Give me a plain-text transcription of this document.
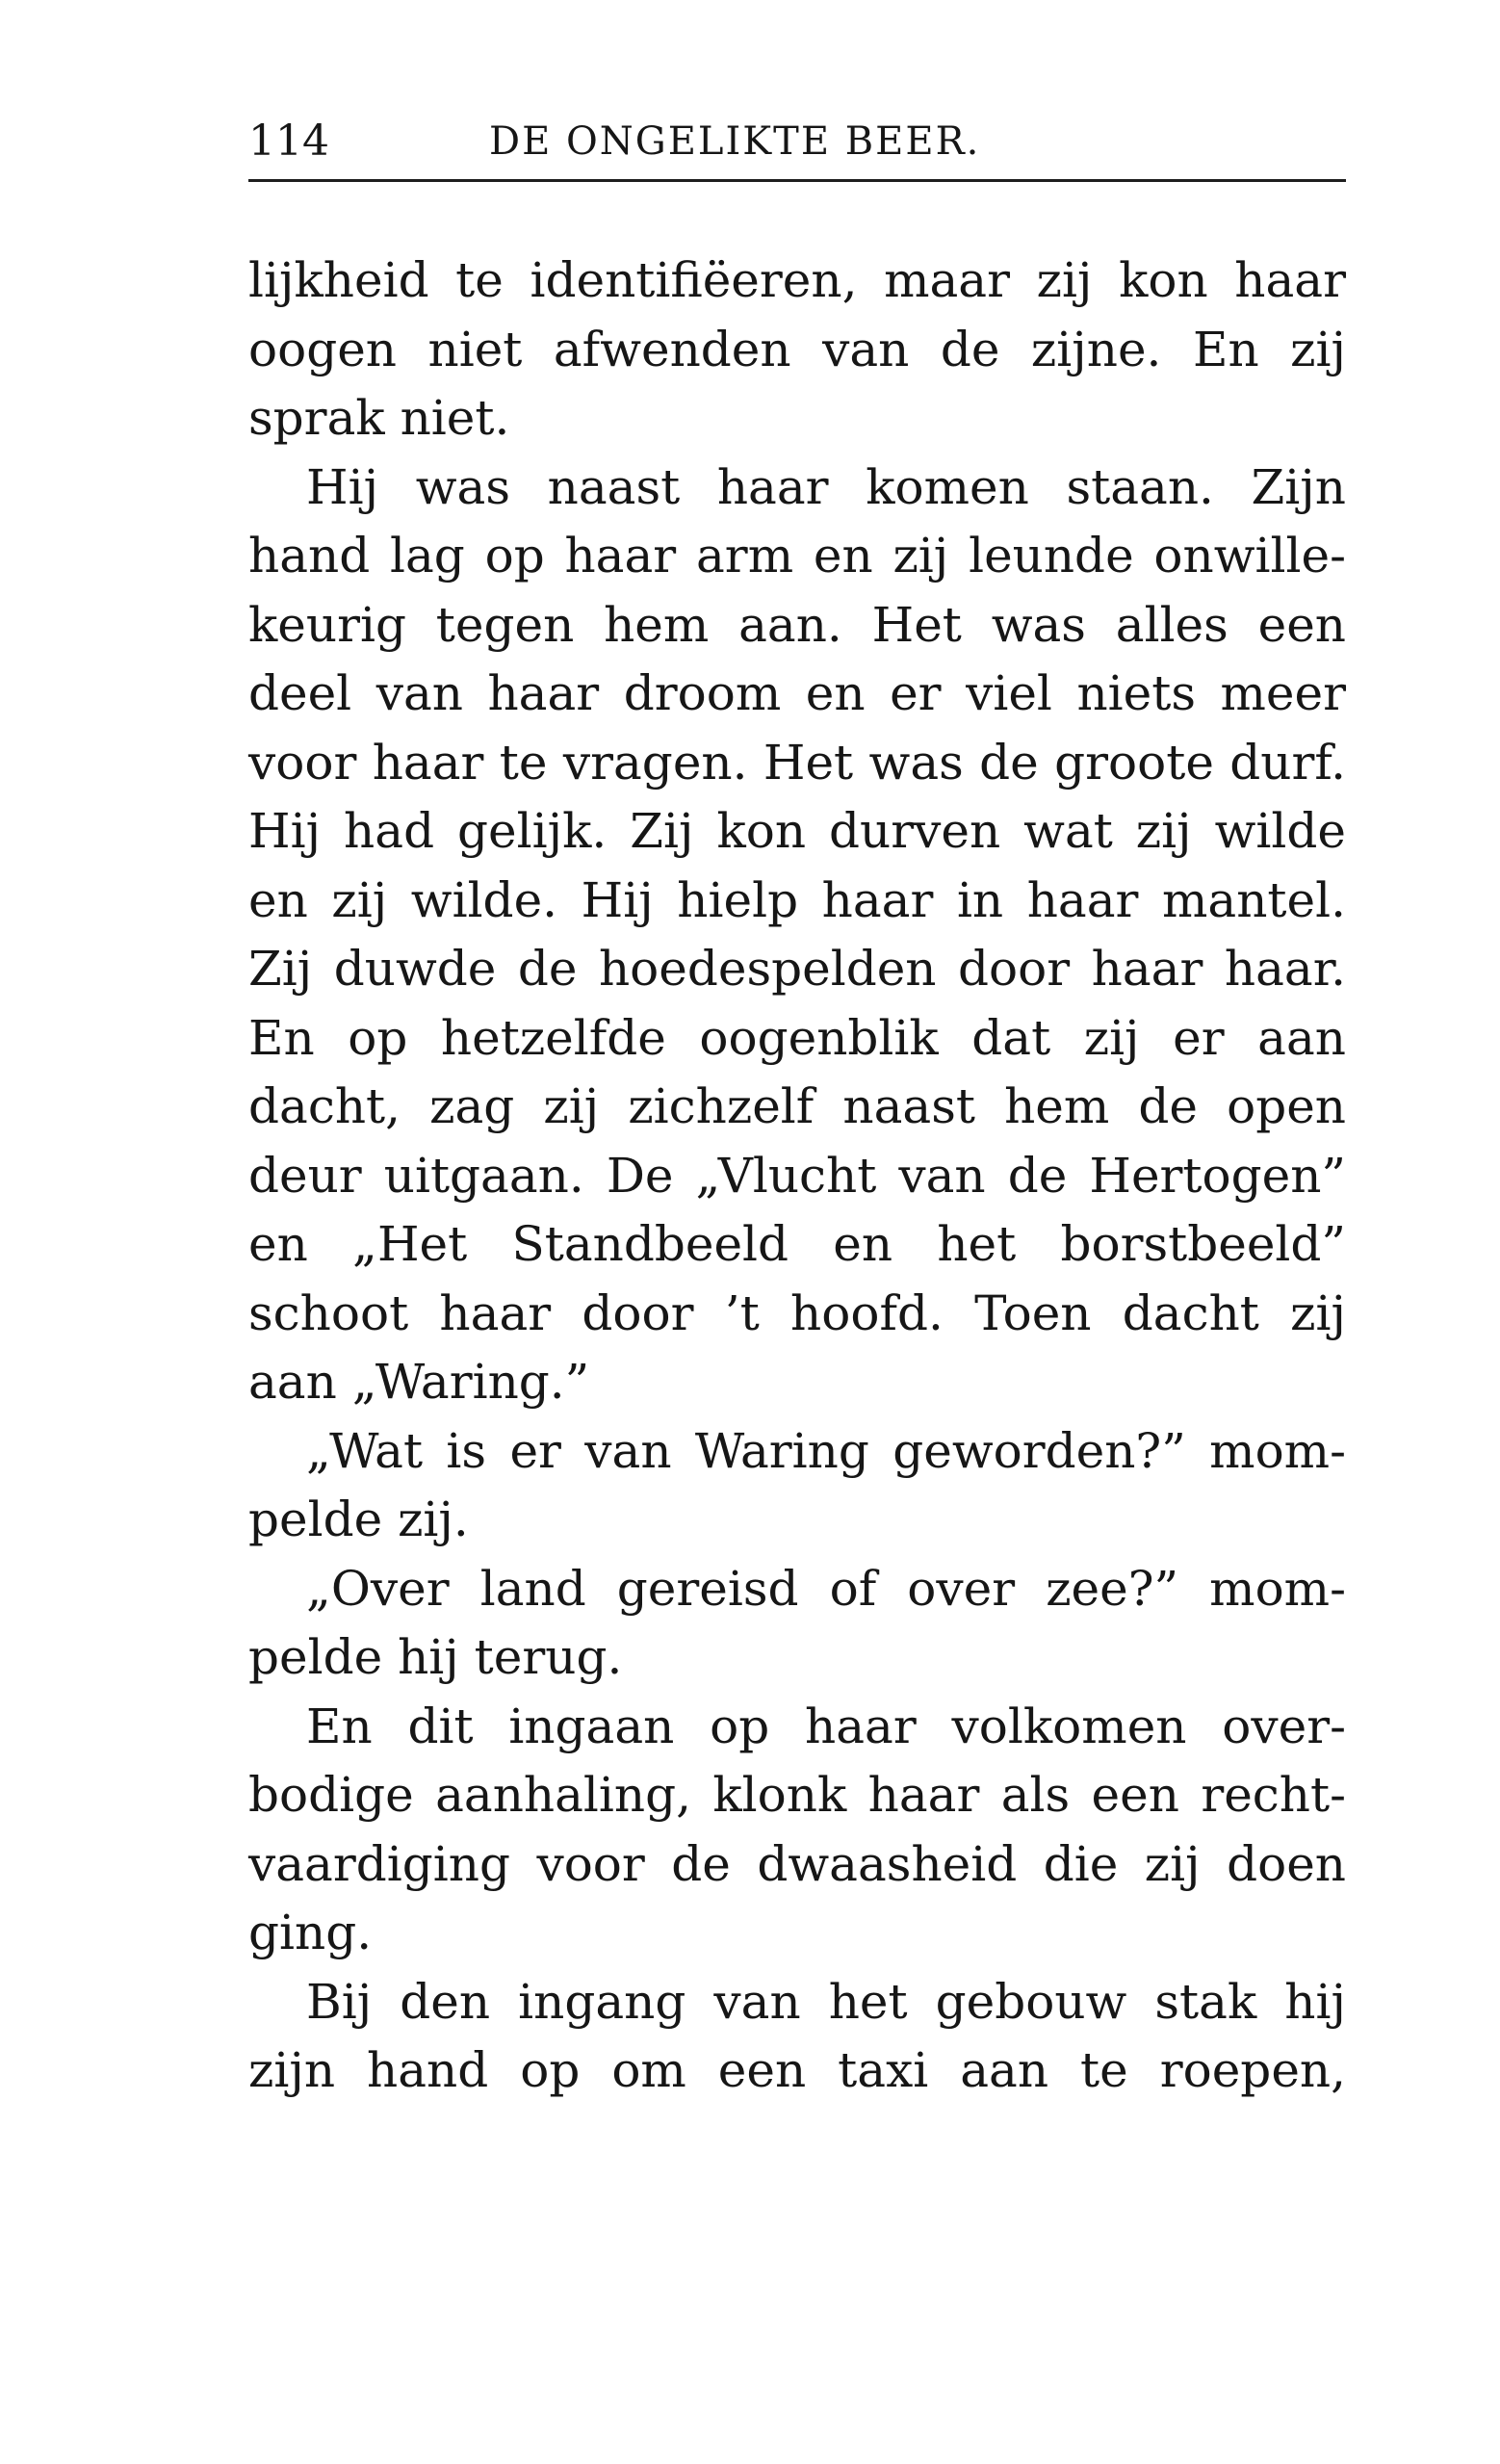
114	DE ONGELIKTE BEER.
lijkheid te identifiëeren, maar zij kon haar
oogen niet afwenden van de zijne. En zij
sprak niet.
Hij was naast haar komen staan. Zijn
hand lag op haar arm en zij leunde onwille-
keurig tegen hem aan. Het was alles een
deel van haar droom en er viel niets meer
voor haar te vragen. Het was de groote durf.
Hij had gelijk. Zij kon durven wat zij wilde
en zij wilde. Hij hielp haar in haar mantel.
Zij duwde de hoedespelden door haar haar.
En op hetzelfde oogenblik dat zij er aan
dacht, zag zij zichzelf naast hem de open
deur uitgaan. De „Vlucht van de Hertogen”
en „Het Standbeeld en het borstbeeld”
schoot haar door ’t hoofd. Toen dacht zij
aan „Waring.”
„Wat is er van Waring geworden?” mom-
pelde zij.
„Over land gereisd of over zee?” mom-
pelde hij terug.
En dit ingaan op haar volkomen over-
bodige aanhaling, klonk haar als een recht-
vaardiging voor de dwaasheid die zij doen
ging.
Bij den ingang van het gebouw stak hij
zijn hand op om een taxi aan te roepen,
